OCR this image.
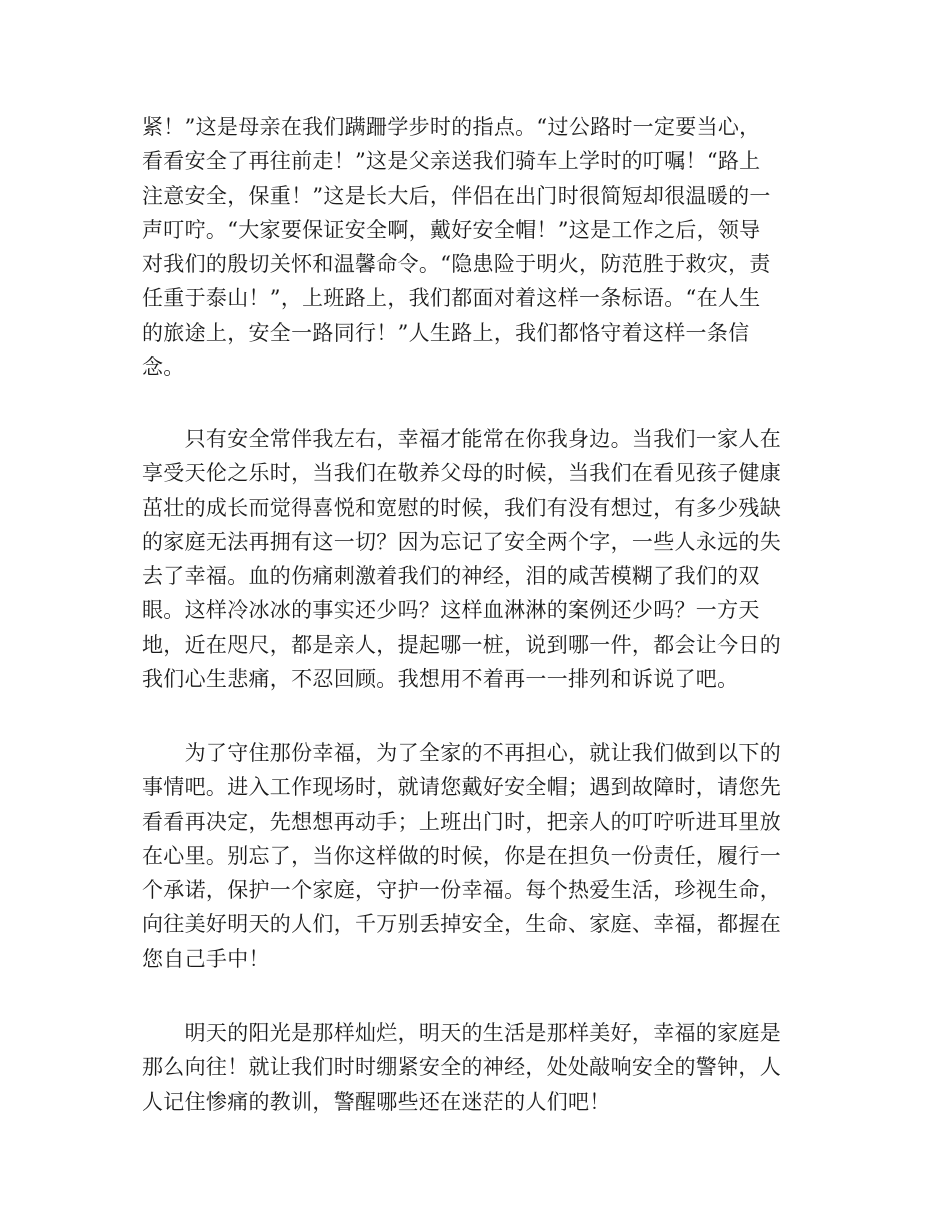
紧！”这是母亲在我们蹒跚学步时的指点。“过公路时一定要当心，
看看安全了再往前走！”这是父亲送我们骑车上学时的叮嘱！“路上
注意安全，保重！”这是长大后，伴侣在出门时很简短却很温暖的一
声叮咛。“大家要保证安全啊，戴好安全帽！”这是工作之后，领导
对我们的殷切关怀和温馨命令。“隐患险于明火，防范胜于救灾，责
任重于泰山！”，上班路上，我们都面对着这样一条标语。“在人生
的旅途上，安全一路同行！”人生路上，我们都恪守着这样一条信
念。
　　只有安全常伴我左右，幸福才能常在你我身边。当我们一家人在
享受天伦之乐时，当我们在敬养父母的时候，当我们在看见孩子健康
茁壮的成长而觉得喜悦和宽慰的时候，我们有没有想过，有多少残缺
的家庭无法再拥有这一切？因为忘记了安全两个字，一些人永远的失
去了幸福。血的伤痛刺激着我们的神经，泪的咸苦模糊了我们的双
眼。这样冷冰冰的事实还少吗？这样血淋淋的案例还少吗？一方天
地，近在咫尺，都是亲人，提起哪一桩，说到哪一件，都会让今日的
我们心生悲痛，不忍回顾。我想用不着再一一排列和诉说了吧。
　　为了守住那份幸福，为了全家的不再担心，就让我们做到以下的
事情吧。进入工作现场时，就请您戴好安全帽；遇到故障时，请您先
看看再决定，先想想再动手；上班出门时，把亲人的叮咛听进耳里放
在心里。别忘了，当你这样做的时候，你是在担负一份责任，履行一
个承诺，保护一个家庭，守护一份幸福。每个热爱生活，珍视生命，
向往美好明天的人们，千万别丢掉安全，生命、家庭、幸福，都握在
您自己手中！
　　明天的阳光是那样灿烂，明天的生活是那样美好，幸福的家庭是
那么向往！就让我们时时绷紧安全的神经，处处敲响安全的警钟，人
人记住惨痛的教训，警醒哪些还在迷茫的人们吧！
